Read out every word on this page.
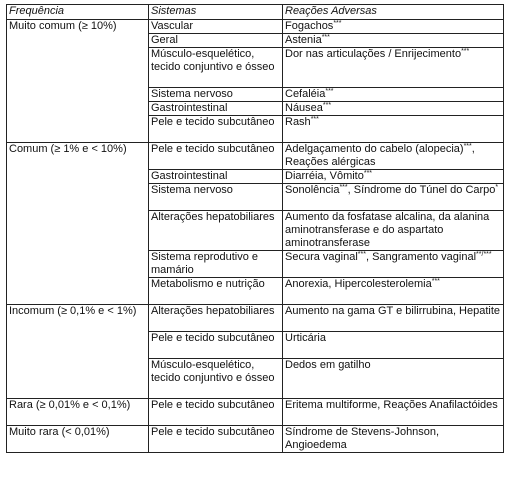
Frequência	Sistemas	Reações Adversas
Muito comum (≥ 10%)	Vascular	Fogachos***
	Geral	Astenia***
	Músculo-esquelético, tecido conjuntivo e ósseo	Dor nas articulações / Enrijecimento***
	Sistema nervoso	Cefaléia***
	Gastrointestinal	Náusea***
	Pele e tecido subcutâneo	Rash***
Comum (≥ 1% e < 10%)	Pele e tecido subcutâneo	Adelgaçamento do cabelo (alopecia)***, Reações alérgicas
	Gastrointestinal	Diarréia, Vômito***
	Sistema nervoso	Sonolência***, Síndrome do Túnel do Carpo*
	Alterações hepatobiliares	Aumento da fosfatase alcalina, da alanina aminotransferase e do aspartato aminotransferase
	Sistema reprodutivo e mamário	Secura vaginal***, Sangramento vaginal**/***
	Metabolismo e nutrição	Anorexia, Hipercolesterolemia***
Incomum (≥ 0,1% e < 1%)	Alterações hepatobiliares	Aumento na gama GT e bilirrubina, Hepatite
	Pele e tecido subcutâneo	Urticária
	Músculo-esquelético, tecido conjuntivo e ósseo	Dedos em gatilho
Rara (≥ 0,01% e < 0,1%)	Pele e tecido subcutâneo	Eritema multiforme, Reações Anafilactóides
Muito rara (< 0,01%)	Pele e tecido subcutâneo	Síndrome de Stevens-Johnson, Angioedema
